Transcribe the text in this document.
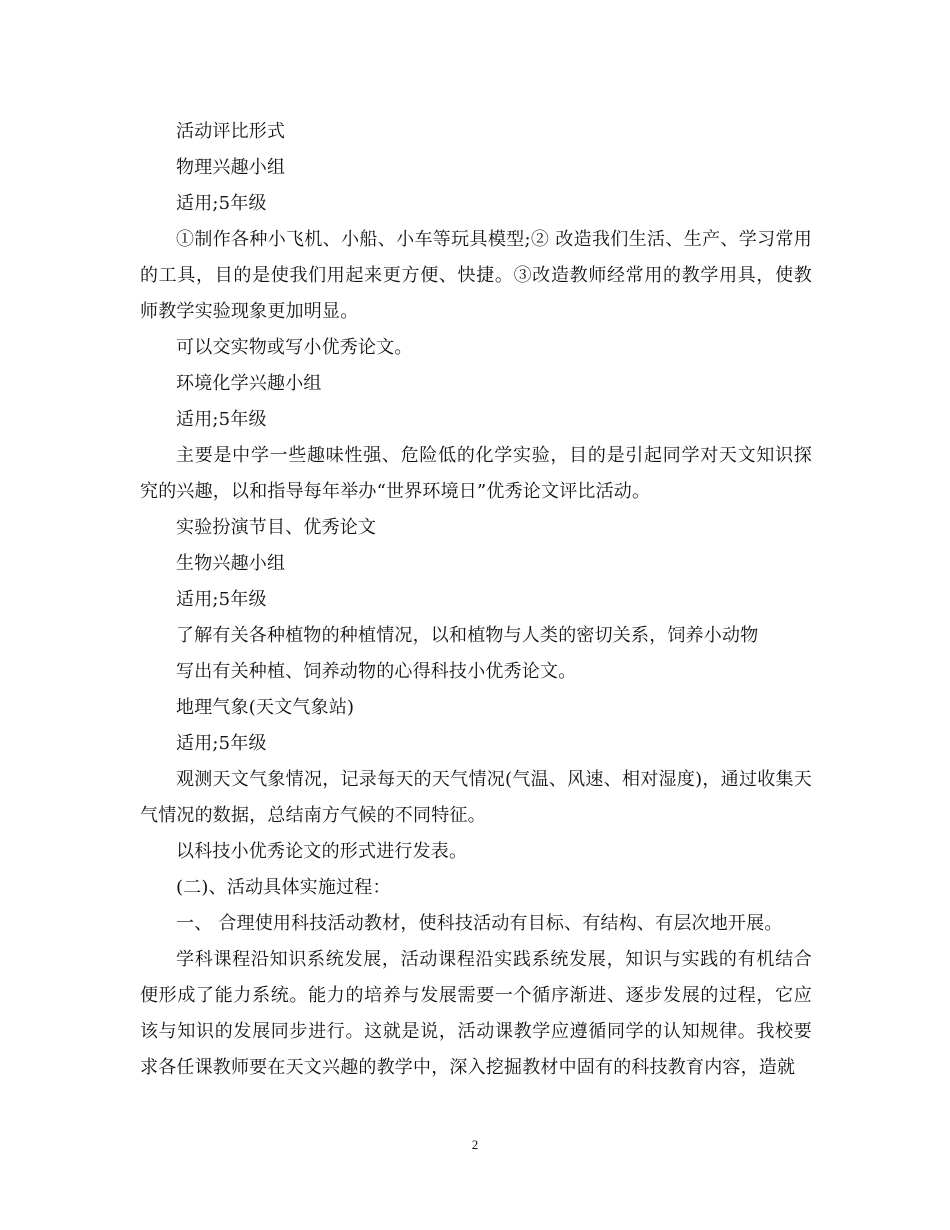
活动评比形式

物理兴趣小组

适用;5年级

①制作各种小飞机、小船、小车等玩具模型;② 改造我们生活、生产、学习常用的工具，目的是使我们用起来更方便、快捷。③改造教师经常用的教学用具，使教师教学实验现象更加明显。

可以交实物或写小优秀论文。

环境化学兴趣小组

适用;5年级

主要是中学一些趣味性强、危险低的化学实验，目的是引起同学对天文知识探究的兴趣，以和指导每年举办“世界环境日”优秀论文评比活动。

实验扮演节目、优秀论文

生物兴趣小组

适用;5年级

了解有关各种植物的种植情况，以和植物与人类的密切关系，饲养小动物

写出有关种植、饲养动物的心得科技小优秀论文。

地理气象(天文气象站)

适用;5年级

观测天文气象情况，记录每天的天气情况(气温、风速、相对湿度)，通过收集天气情况的数据，总结南方气候的不同特征。

以科技小优秀论文的形式进行发表。

(二)、活动具体实施过程：

一、 合理使用科技活动教材，使科技活动有目标、有结构、有层次地开展。

学科课程沿知识系统发展，活动课程沿实践系统发展，知识与实践的有机结合便形成了能力系统。能力的培养与发展需要一个循序渐进、逐步发展的过程，它应该与知识的发展同步进行。这就是说，活动课教学应遵循同学的认知规律。我校要求各任课教师要在天文兴趣的教学中，深入挖掘教材中固有的科技教育内容，造就

2
